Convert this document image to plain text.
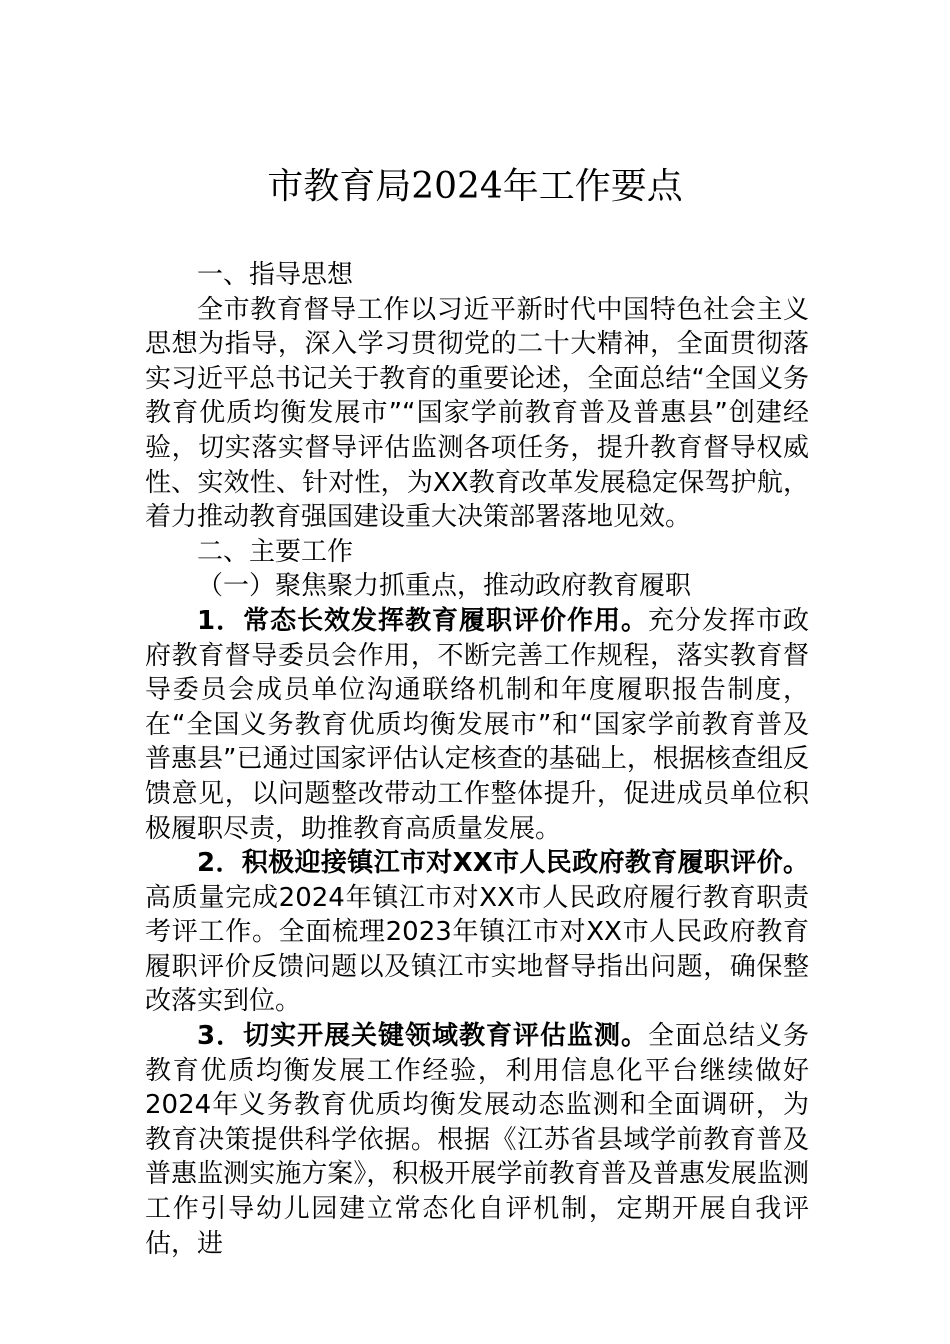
市教育局2024年工作要点

一、指导思想

全市教育督导工作以习近平新时代中国特色社会主义思想为指导，深入学习贯彻党的二十大精神，全面贯彻落实习近平总书记关于教育的重要论述，全面总结“全国义务教育优质均衡发展市”“国家学前教育普及普惠县”创建经验，切实落实督导评估监测各项任务，提升教育督导权威性、实效性、针对性，为XX教育改革发展稳定保驾护航，着力推动教育强国建设重大决策部署落地见效。

二、主要工作

（一）聚焦聚力抓重点，推动政府教育履职

1．常态长效发挥教育履职评价作用。充分发挥市政府教育督导委员会作用，不断完善工作规程，落实教育督导委员会成员单位沟通联络机制和年度履职报告制度，在“全国义务教育优质均衡发展市”和“国家学前教育普及普惠县”已通过国家评估认定核查的基础上，根据核查组反馈意见，以问题整改带动工作整体提升，促进成员单位积极履职尽责，助推教育高质量发展。

2．积极迎接镇江市对XX市人民政府教育履职评价。高质量完成2024年镇江市对XX市人民政府履行教育职责考评工作。全面梳理2023年镇江市对XX市人民政府教育履职评价反馈问题以及镇江市实地督导指出问题，确保整改落实到位。

3．切实开展关键领域教育评估监测。全面总结义务教育优质均衡发展工作经验，利用信息化平台继续做好2024年义务教育优质均衡发展动态监测和全面调研，为教育决策提供科学依据。根据《江苏省县域学前教育普及普惠监测实施方案》，积极开展学前教育普及普惠发展监测工作引导幼儿园建立常态化自评机制，定期开展自我评估，进
